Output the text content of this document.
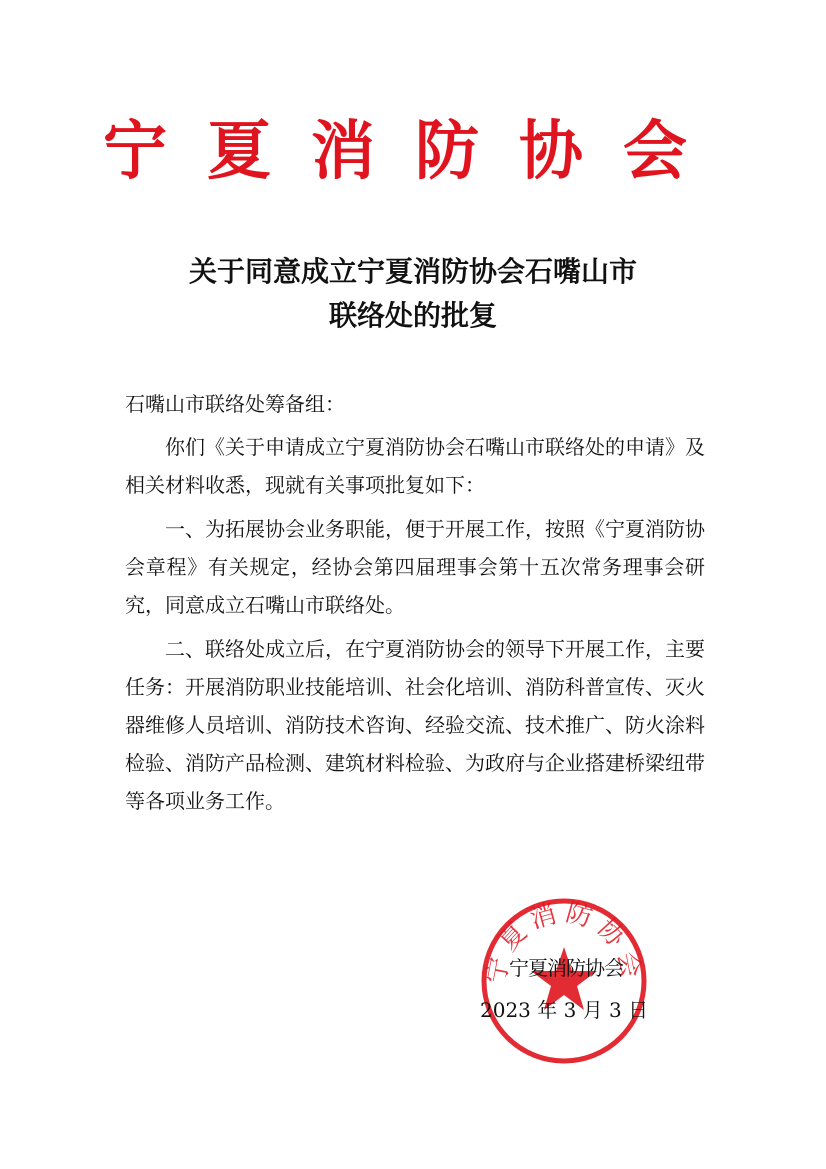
宁夏消防协会
关于同意成立宁夏消防协会石嘴山市
联络处的批复
石嘴山市联络处筹备组：

你们《关于申请成立宁夏消防协会石嘴山市联络处的申请》及相关材料收悉，现就有关事项批复如下：

一、为拓展协会业务职能，便于开展工作，按照《宁夏消防协会章程》有关规定，经协会第四届理事会第十五次常务理事会研究，同意成立石嘴山市联络处。

二、联络处成立后，在宁夏消防协会的领导下开展工作，主要任务：开展消防职业技能培训、社会化培训、消防科普宣传、灭火器维修人员培训、消防技术咨询、经验交流、技术推广、防火涂料检验、消防产品检测、建筑材料检验、为政府与企业搭建桥梁纽带等各项业务工作。

宁夏消防协会
宁夏消防协会
2023 年 3 月 3 日
